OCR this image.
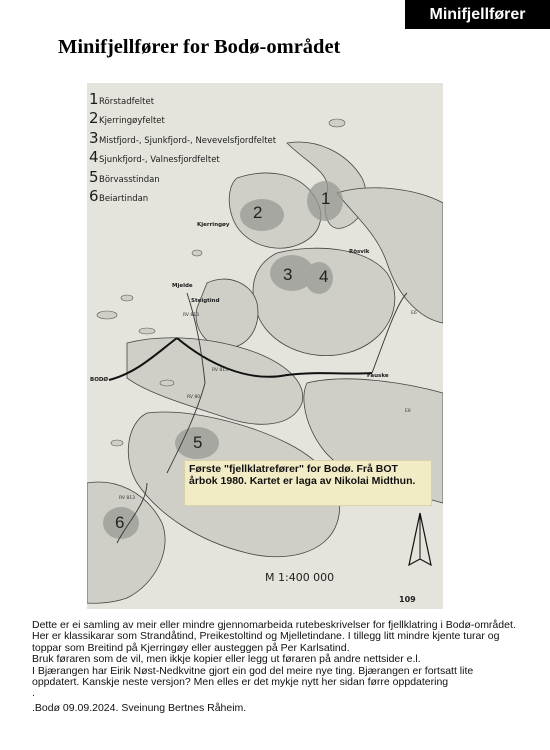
Minifjellfører
Minifjellfører for Bodø-området
1Rörstadfeltet
2Kjerringøyfeltet
3Mistfjord-, Sjunkfjord-, Nevevelsfjordfeltet
4Sjunkfjord-, Valnesfjordfeltet
5Börvasstindan
6Beiartindan	1
2
3 4
5
6
Kjerringøy
Rösvik
BODØ
Fauske
Mjelde
Steigtind
RV 813
RV 80
RV 813
RV 813
E6
E6
M 1:400 000
109
Første "fjellklatrefører" for Bodø. Frå BOT årbok 1980. Kartet er laga av Nikolai Midthun.

Dette er ei samling av meir eller mindre gjennomarbeida rutebeskrivelser for fjellklatring i Bodø-området. Her er klassikarar som Strandåtind, Preikestoltind og Mjelletindane. I tillegg litt mindre kjente turar og toppar som Breitind på Kjerringøy eller austeggen på Per Karlsatind.

Bruk føraren som de vil, men ikkje kopier eller legg ut føraren på andre nettsider e.l.

I Bjærangen har Eirik Nøst-Nedkvitne gjort ein god del meire nye ting. Bjærangen er fortsatt lite oppdatert. Kanskje neste versjon? Men elles er det mykje nytt her sidan førre oppdatering

.

.Bodø 09.09.2024. Sveinung Bertnes Råheim.
